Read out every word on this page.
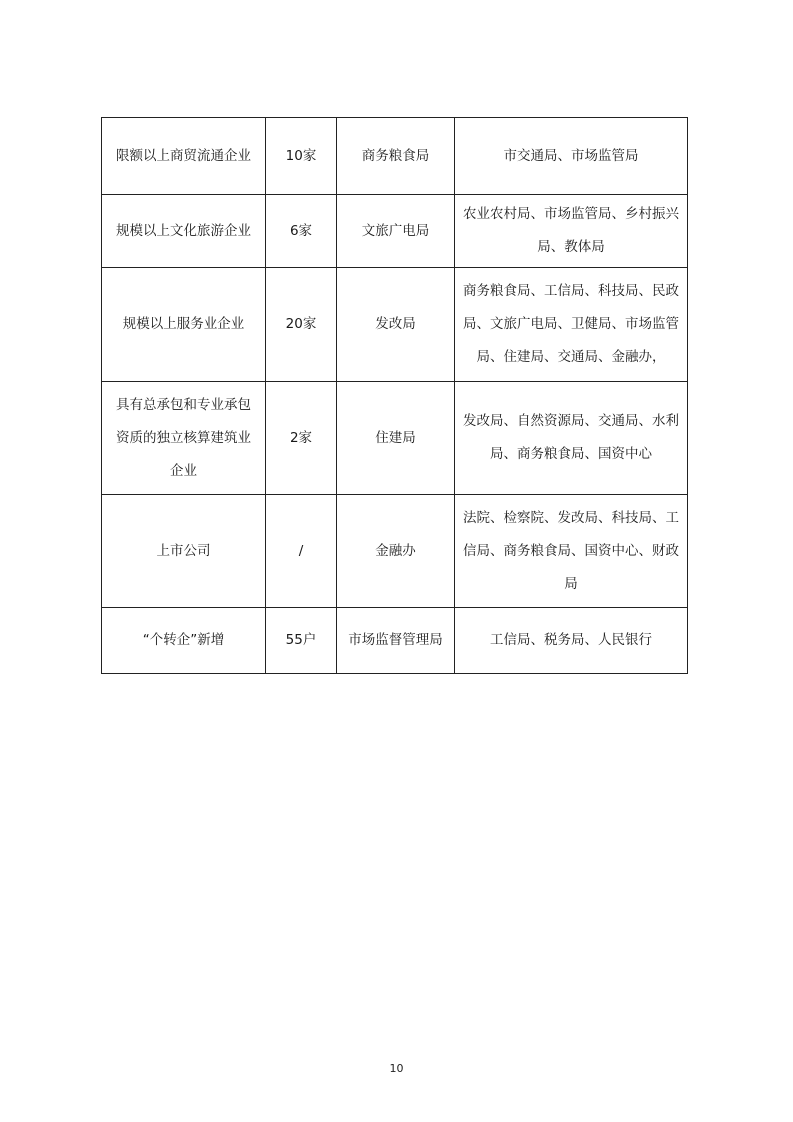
限额以上商贸流通企业	10家	商务粮食局	市交通局、市场监管局
规模以上文化旅游企业	6家	文旅广电局	农业农村局、市场监管局、乡村振兴局、教体局
规模以上服务业企业	20家	发改局	商务粮食局、工信局、科技局、民政局、文旅广电局、卫健局、市场监管局、住建局、交通局、金融办，
具有总承包和专业承包资质的独立核算建筑业企业	2家	住建局	发改局、自然资源局、交通局、水利局、商务粮食局、国资中心
上市公司	/	金融办	法院、检察院、发改局、科技局、工信局、商务粮食局、国资中心、财政局
“个转企”新增	55户	市场监督管理局	工信局、税务局、人民银行
10
